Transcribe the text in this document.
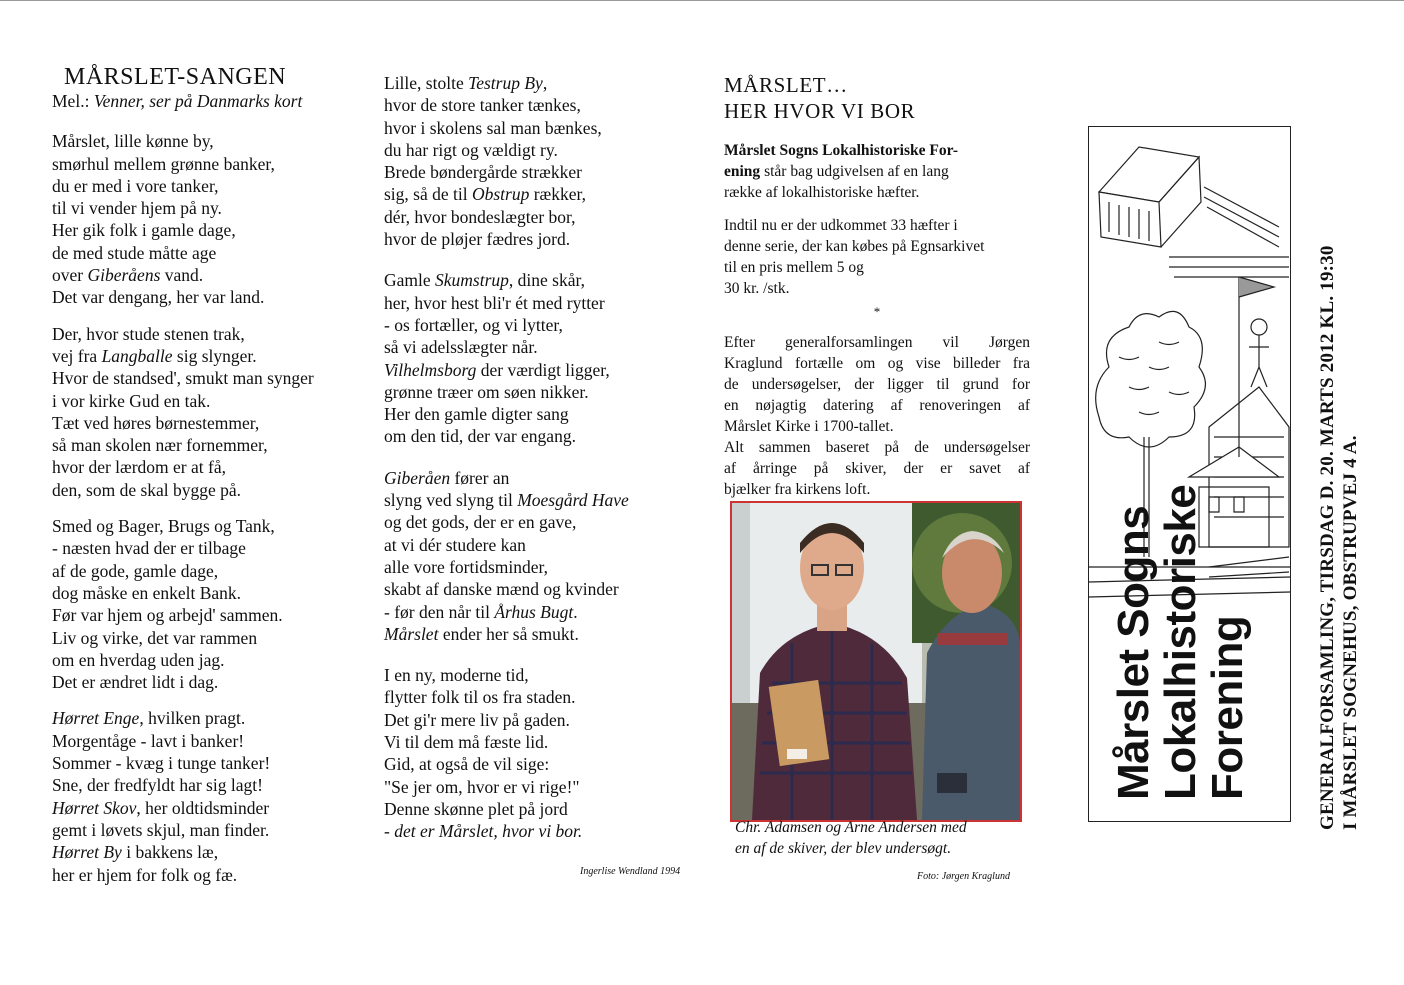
MÅRSLET-SANGEN
Mel.: Venner, ser på Danmarks kort
Mårslet, lille kønne by,
smørhul mellem grønne banker,
du er med i vore tanker,
til vi vender hjem på ny.
Her gik folk i gamle dage,
de med stude måtte age
over Giberåens vand.
Det var dengang, her var land.
Der, hvor stude stenen trak,
vej fra Langballe sig slynger.
Hvor de standsed', smukt man synger
i vor kirke Gud en tak.
Tæt ved høres børnestemmer,
så man skolen nær fornemmer,
hvor der lærdom er at få,
den, som de skal bygge på.
Smed og Bager, Brugs og Tank,
- næsten hvad der er tilbage
af de gode, gamle dage,
dog måske en enkelt Bank.
Før var hjem og arbejd' sammen.
Liv og virke, det var rammen
om en hverdag uden jag.
Det er ændret lidt i dag.
Hørret Enge, hvilken pragt.
Morgentåge - lavt i banker!
Sommer - kvæg i tunge tanker!
Sne, der fredfyldt har sig lagt!
Hørret Skov, her oldtidsminder
gemt i løvets skjul, man finder.
Hørret By i bakkens læ,
her er hjem for folk og fæ.
Lille, stolte Testrup By,
hvor de store tanker tænkes,
hvor i skolens sal man bænkes,
du har rigt og vældigt ry.
Brede bøndergårde strækker
sig, så de til Obstrup rækker,
dér, hvor bondeslægter bor,
hvor de pløjer fædres jord.
Gamle Skumstrup, dine skår,
her, hvor hest bli'r ét med rytter
- os fortæller, og vi lytter,
så vi adelsslægter når.
Vilhelmsborg der værdigt ligger,
grønne træer om søen nikker.
Her den gamle digter sang
om den tid, der var engang.
Giberåen fører an
slyng ved slyng til Moesgård Have
og det gods, der er en gave,
at vi dér studere kan
alle vore fortidsminder,
skabt af danske mænd og kvinder
- før den når til Århus Bugt.
Mårslet ender her så smukt.
I en ny, moderne tid,
flytter folk til os fra staden.
Det gi'r mere liv på gaden.
Vi til dem må fæste lid.
Gid, at også de vil sige:
"Se jer om, hvor er vi rige!"
Denne skønne plet på jord
- det er Mårslet, hvor vi bor.
Ingerlise Wendland 1994
MÅRSLET…
HER HVOR VI BOR
Mårslet Sogns Lokalhistoriske For-
ening står bag udgivelsen af en lang
række af lokalhistoriske hæfter.
Indtil nu er der udkommet 33 hæfter i
denne serie, der kan købes på Egnsarkivet
til en pris mellem 5 og
30 kr. /stk.
*
Efter generalforsamlingen vil Jørgen
Kraglund fortælle om og vise billeder fra
de undersøgelser, der ligger til grund for
en nøjagtig datering af renoveringen af
Mårslet Kirke i 1700-tallet.
Alt sammen baseret på de undersøgelser
af årringe på skiver, der er savet af
bjælker fra kirkens loft.
Chr. Adamsen og Arne Andersen med
en af de skiver, der blev undersøgt.
Foto: Jørgen Kraglund
Mårslet Sogns
Lokalhistoriske
Forening	GENERALFORSAMLING, TIRSDAG D. 20. MARTS 2012 KL. 19:30 I MÅRSLET SOGNEHUS, OBSTRUPVEJ 4 A.
